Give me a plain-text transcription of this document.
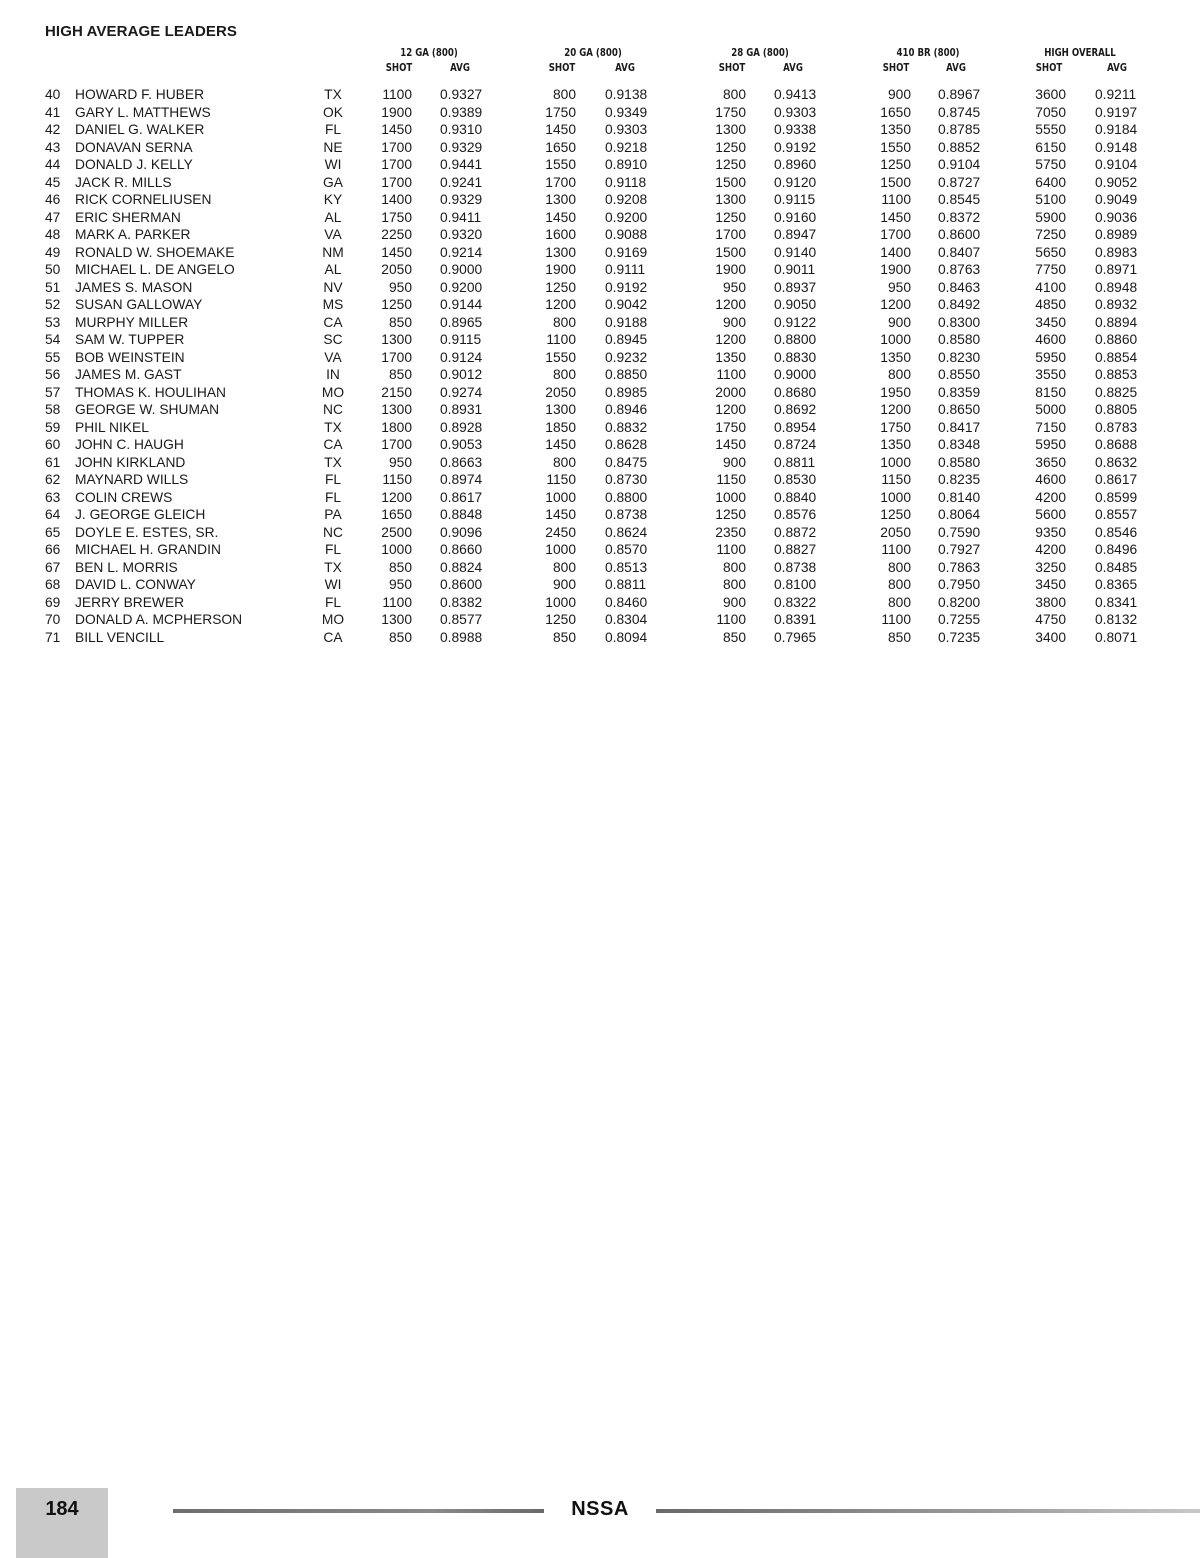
HIGH AVERAGE LEADERS
12 GA (800)	20 GA (800)	28 GA (800)	410 BR (800)	HIGH OVERALL
SHOT	AVG	SHOT	AVG	SHOT	AVG	SHOT	AVG	SHOT	AVG
40 HOWARD F. HUBER	TX	1100 0.9327	800 0.9138	800 0.9413	900 0.8967	3600 0.9211
41 GARY L. MATTHEWS	OK	1900 0.9389	1750 0.9349	1750 0.9303	1650 0.8745	7050 0.9197
42 DANIEL G. WALKER	FL	1450 0.9310	1450 0.9303	1300 0.9338	1350 0.8785	5550 0.9184
43 DONAVAN SERNA	NE	1700 0.9329	1650 0.9218	1250 0.9192	1550 0.8852	6150 0.9148
44 DONALD J. KELLY	WI	1700 0.9441	1550 0.8910	1250 0.8960	1250 0.9104	5750 0.9104
45 JACK R. MILLS	GA	1700 0.9241	1700 0.9118	1500 0.9120	1500 0.8727	6400 0.9052
46 RICK CORNELIUSEN	KY	1400 0.9329	1300 0.9208	1300 0.9115	1100 0.8545	5100 0.9049
47 ERIC SHERMAN	AL	1750 0.9411	1450 0.9200	1250 0.9160	1450 0.8372	5900 0.9036
48 MARK A. PARKER	VA	2250 0.9320	1600 0.9088	1700 0.8947	1700 0.8600	7250 0.8989
49 RONALD W. SHOEMAKE	NM	1450 0.9214	1300 0.9169	1500 0.9140	1400 0.8407	5650 0.8983
50 MICHAEL L. DE ANGELO	AL	2050 0.9000	1900 0.9111	1900 0.9011	1900 0.8763	7750 0.8971
51 JAMES S. MASON	NV	950 0.9200	1250 0.9192	950 0.8937	950 0.8463	4100 0.8948
52 SUSAN GALLOWAY	MS	1250 0.9144	1200 0.9042	1200 0.9050	1200 0.8492	4850 0.8932
53 MURPHY MILLER	CA	850 0.8965	800 0.9188	900 0.9122	900 0.8300	3450 0.8894
54 SAM W. TUPPER	SC	1300 0.9115	1100 0.8945	1200 0.8800	1000 0.8580	4600 0.8860
55 BOB WEINSTEIN	VA	1700 0.9124	1550 0.9232	1350 0.8830	1350 0.8230	5950 0.8854
56 JAMES M. GAST	IN	850 0.9012	800 0.8850	1100 0.9000	800 0.8550	3550 0.8853
57 THOMAS K. HOULIHAN	MO	2150 0.9274	2050 0.8985	2000 0.8680	1950 0.8359	8150 0.8825
58 GEORGE W. SHUMAN	NC	1300 0.8931	1300 0.8946	1200 0.8692	1200 0.8650	5000 0.8805
59 PHIL NIKEL	TX	1800 0.8928	1850 0.8832	1750 0.8954	1750 0.8417	7150 0.8783
60 JOHN C. HAUGH	CA	1700 0.9053	1450 0.8628	1450 0.8724	1350 0.8348	5950 0.8688
61 JOHN KIRKLAND	TX	950 0.8663	800 0.8475	900 0.8811	1000 0.8580	3650 0.8632
62 MAYNARD WILLS	FL	1150 0.8974	1150 0.8730	1150 0.8530	1150 0.8235	4600 0.8617
63 COLIN CREWS	FL	1200 0.8617	1000 0.8800	1000 0.8840	1000 0.8140	4200 0.8599
64 J. GEORGE GLEICH	PA	1650 0.8848	1450 0.8738	1250 0.8576	1250 0.8064	5600 0.8557
65 DOYLE E. ESTES, SR.	NC	2500 0.9096	2450 0.8624	2350 0.8872	2050 0.7590	9350 0.8546
66 MICHAEL H. GRANDIN	FL	1000 0.8660	1000 0.8570	1100 0.8827	1100 0.7927	4200 0.8496
67 BEN L. MORRIS	TX	850 0.8824	800 0.8513	800 0.8738	800 0.7863	3250 0.8485
68 DAVID L. CONWAY	WI	950 0.8600	900 0.8811	800 0.8100	800 0.7950	3450 0.8365
69 JERRY BREWER	FL	1100 0.8382	1000 0.8460	900 0.8322	800 0.8200	3800 0.8341
70 DONALD A. MCPHERSON	MO	1300 0.8577	1250 0.8304	1100 0.8391	1100 0.7255	4750 0.8132
71 BILL VENCILL	CA	850 0.8988	850 0.8094	850 0.7965	850 0.7235	3400 0.8071
184	NSSA
